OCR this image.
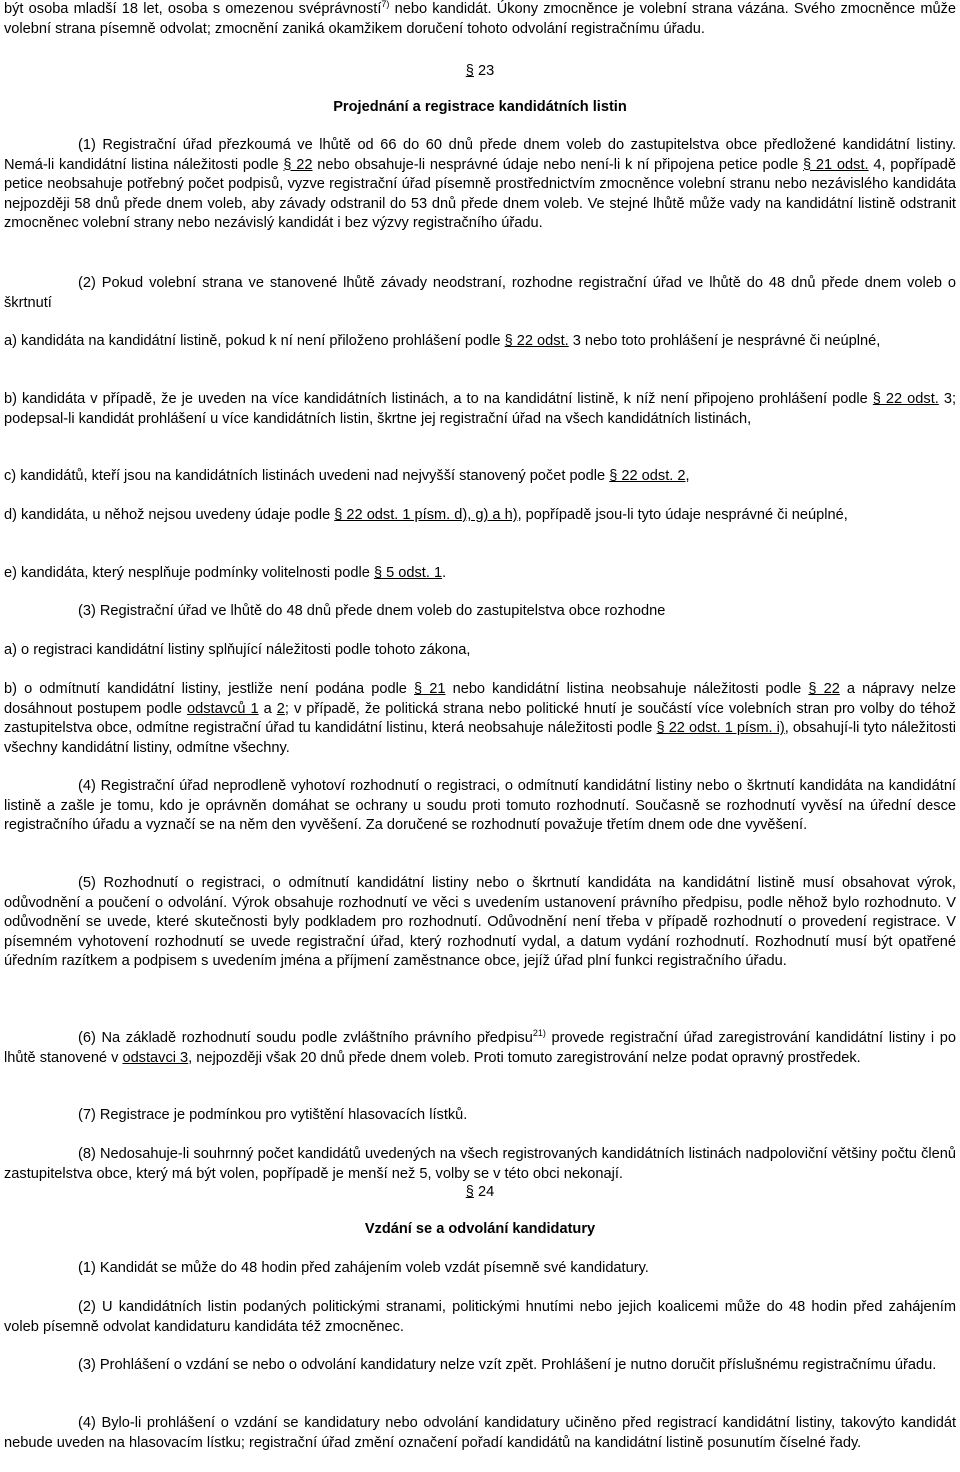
být osoba mladší 18 let, osoba s omezenou svéprávností$^{7)}$ nebo kandidát. Úkony zmocněnce je volební strana vázána. Svého zmocněnce může volební strana písemně odvolat; zmocnění zaniká okamžikem doručení tohoto odvolání registračnímu úřadu.

§ 23

Projednání a registrace kandidátních listin

(1) Registrační úřad přezkoumá ve lhůtě od 66 do 60 dnů přede dnem voleb do zastupitelstva obce předložené kandidátní listiny. Nemá-li kandidátní listina náležitosti podle § 22 nebo obsahuje-li nesprávné údaje nebo není-li k ní připojena petice podle § 21 odst. 4, popřípadě petice neobsahuje potřebný počet podpisů, vyzve registrační úřad písemně prostřednictvím zmocněnce volební stranu nebo nezávislého kandidáta nejpozději 58 dnů přede dnem voleb, aby závady odstranil do 53 dnů přede dnem voleb. Ve stejné lhůtě může vady na kandidátní listině odstranit zmocněnec volební strany nebo nezávislý kandidát i bez výzvy registračního úřadu.

(2) Pokud volební strana ve stanovené lhůtě závady neodstraní, rozhodne registrační úřad ve lhůtě do 48 dnů přede dnem voleb o škrtnutí

a) kandidáta na kandidátní listině, pokud k ní není přiloženo prohlášení podle § 22 odst. 3 nebo toto prohlášení je nesprávné či neúplné,

b) kandidáta v případě, že je uveden na více kandidátních listinách, a to na kandidátní listině, k níž není připojeno prohlášení podle § 22 odst. 3; podepsal-li kandidát prohlášení u více kandidátních listin, škrtne jej registrační úřad na všech kandidátních listinách,

c) kandidátů, kteří jsou na kandidátních listinách uvedeni nad nejvyšší stanovený počet podle § 22 odst. 2,

d) kandidáta, u něhož nejsou uvedeny údaje podle § 22 odst. 1 písm. d), g) a h), popřípadě jsou-li tyto údaje nesprávné či neúplné,

e) kandidáta, který nesplňuje podmínky volitelnosti podle § 5 odst. 1.

(3) Registrační úřad ve lhůtě do 48 dnů přede dnem voleb do zastupitelstva obce rozhodne

a) o registraci kandidátní listiny splňující náležitosti podle tohoto zákona,

b) o odmítnutí kandidátní listiny, jestliže není podána podle § 21 nebo kandidátní listina neobsahuje náležitosti podle § 22 a nápravy nelze dosáhnout postupem podle odstavců 1 a 2; v případě, že politická strana nebo politické hnutí je součástí více volebních stran pro volby do téhož zastupitelstva obce, odmítne registrační úřad tu kandidátní listinu, která neobsahuje náležitosti podle § 22 odst. 1 písm. i), obsahují-li tyto náležitosti všechny kandidátní listiny, odmítne všechny.

(4) Registrační úřad neprodleně vyhotoví rozhodnutí o registraci, o odmítnutí kandidátní listiny nebo o škrtnutí kandidáta na kandidátní listině a zašle je tomu, kdo je oprávněn domáhat se ochrany u soudu proti tomuto rozhodnutí. Současně se rozhodnutí vyvěsí na úřední desce registračního úřadu a vyznačí se na něm den vyvěšení. Za doručené se rozhodnutí považuje třetím dnem ode dne vyvěšení.

(5) Rozhodnutí o registraci, o odmítnutí kandidátní listiny nebo o škrtnutí kandidáta na kandidátní listině musí obsahovat výrok, odůvodnění a poučení o odvolání. Výrok obsahuje rozhodnutí ve věci s uvedením ustanovení právního předpisu, podle něhož bylo rozhodnuto. V odůvodnění se uvede, které skutečnosti byly podkladem pro rozhodnutí. Odůvodnění není třeba v případě rozhodnutí o provedení registrace. V písemném vyhotovení rozhodnutí se uvede registrační úřad, který rozhodnutí vydal, a datum vydání rozhodnutí. Rozhodnutí musí být opatřené úředním razítkem a podpisem s uvedením jména a příjmení zaměstnance obce, jejíž úřad plní funkci registračního úřadu.

(6) Na základě rozhodnutí soudu podle zvláštního právního předpisu$^{21)}$ provede registrační úřad zaregistrování kandidátní listiny i po lhůtě stanovené v odstavci 3, nejpozději však 20 dnů přede dnem voleb. Proti tomuto zaregistrování nelze podat opravný prostředek.

(7) Registrace je podmínkou pro vytištění hlasovacích lístků.

(8) Nedosahuje-li souhrnný počet kandidátů uvedených na všech registrovaných kandidátních listinách nadpoloviční většiny počtu členů zastupitelstva obce, který má být volen, popřípadě je menší než 5, volby se v této obci nekonají.

§ 24

Vzdání se a odvolání kandidatury

(1) Kandidát se může do 48 hodin před zahájením voleb vzdát písemně své kandidatury.

(2) U kandidátních listin podaných politickými stranami, politickými hnutími nebo jejich koalicemi může do 48 hodin před zahájením voleb písemně odvolat kandidaturu kandidáta též zmocněnec.

(3) Prohlášení o vzdání se nebo o odvolání kandidatury nelze vzít zpět. Prohlášení je nutno doručit příslušnému registračnímu úřadu.

(4) Bylo-li prohlášení o vzdání se kandidatury nebo odvolání kandidatury učiněno před registrací kandidátní listiny, takovýto kandidát nebude uveden na hlasovacím lístku; registrační úřad změní označení pořadí kandidátů na kandidátní listině posunutím číselné řady.
